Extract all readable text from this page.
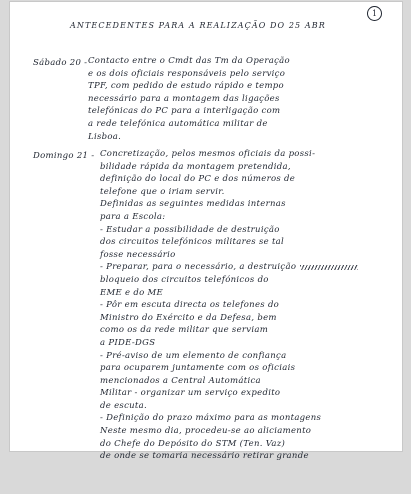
1
ANTECEDENTES PARA A REALIZAÇÃO DO 25 ABR
Sábado 20 - Contacto entre o Cmdt das Tm da Operação
e os dois oficiais responsáveis pelo serviço
TPF, com pedido de estudo rápido e tempo
necessário para a montagem das ligações
telefónicas do PC para a interligação com
a rede telefónica automática militar de
Lisboa.
Domingo 21 - Concretização, pelos mesmos oficiais da possi-
bilidade rápida da montagem pretendida,
definição do local do PC e dos números de
telefone que o iriam servir.
Definidas as seguintes medidas internas
para a Escola:
- Estudar a possibilidade de destruição
dos circuitos telefónicos militares se tal
fosse necessário
- Preparar, para o necessário, a destruição
bloqueio dos circuitos telefónicos do
EME e do ME
- Pôr em escuta directa os telefones do
Ministro do Exército e da Defesa, bem
como os da rede militar que serviam
a PIDE-DGS
- Pré-aviso de um elemento de confiança
para ocuparem juntamente com os oficiais
mencionados a Central Automática
Militar - organizar um serviço expedito
de escuta.
- Definição do prazo máximo para as montagens
Neste mesmo dia, procedeu-se ao aliciamento
do Chefe do Depósito do STM (Ten. Vaz)
de onde se tomaria necessário retirar grande
